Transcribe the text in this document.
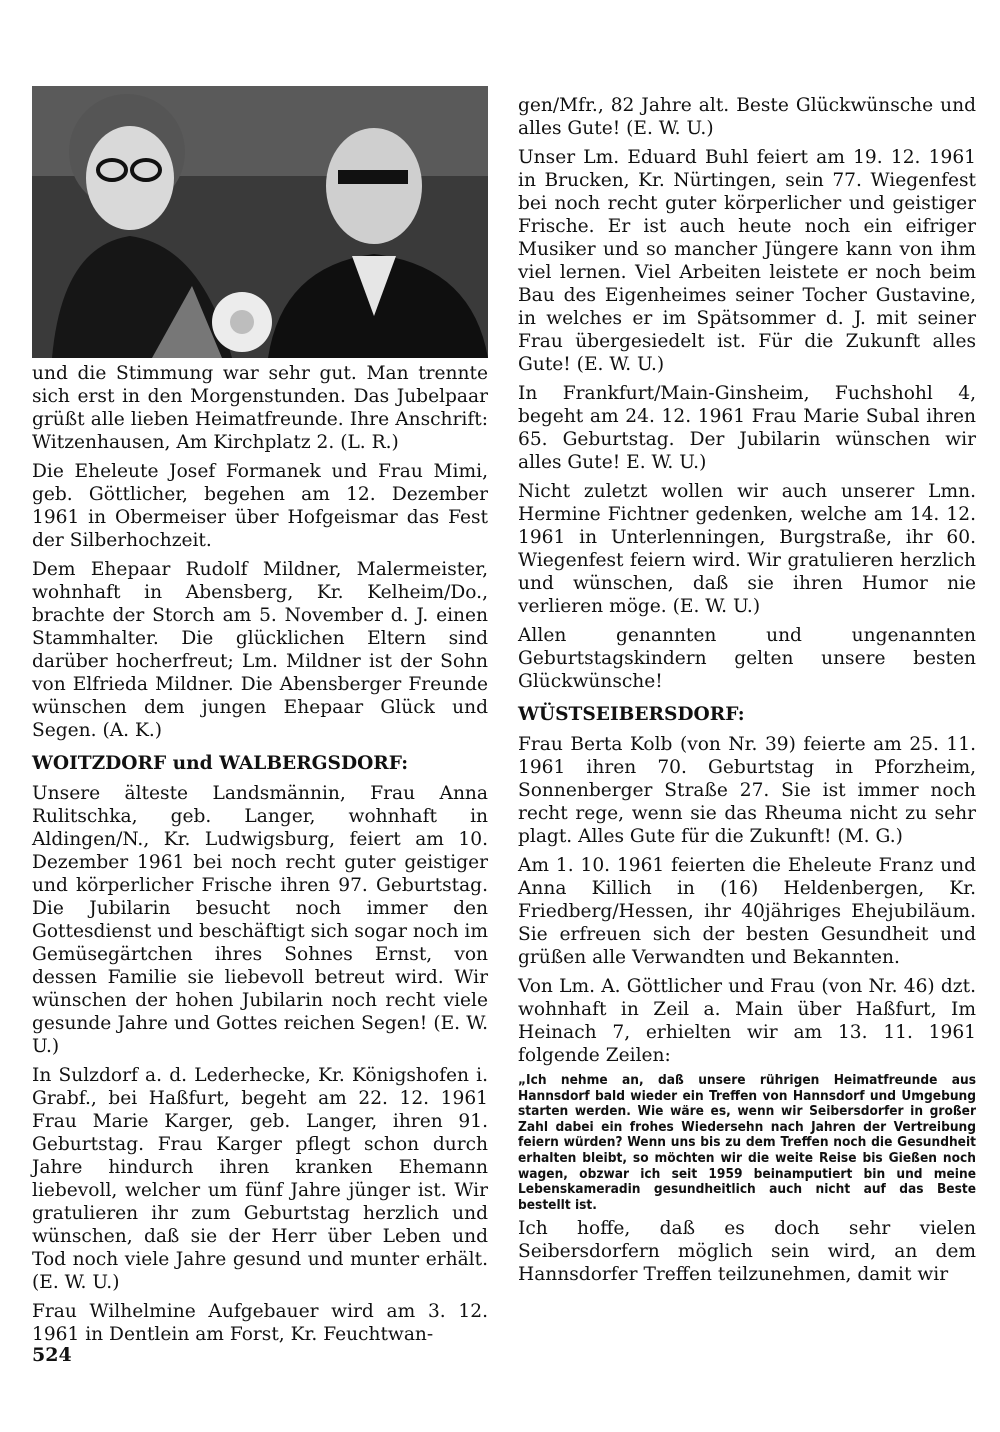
und die Stimmung war sehr gut. Man trennte sich erst in den Morgenstunden. Das Jubelpaar grüßt alle lieben Heimatfreunde. Ihre Anschrift: Witzenhausen, Am Kirchplatz 2. (L. R.)

Die Eheleute Josef Formanek und Frau Mimi, geb. Göttlicher, begehen am 12. Dezember 1961 in Obermeiser über Hofgeismar das Fest der Silberhochzeit.

Dem Ehepaar Rudolf Mildner, Malermeister, wohnhaft in Abensberg, Kr. Kelheim/Do., brachte der Storch am 5. November d. J. einen Stammhalter. Die glücklichen Eltern sind darüber hocherfreut; Lm. Mildner ist der Sohn von Elfrieda Mildner. Die Abensberger Freunde wünschen dem jungen Ehepaar Glück und Segen. (A. K.)

WOITZDORF und WALBERGSDORF:

Unsere älteste Landsmännin, Frau Anna Rulitschka, geb. Langer, wohnhaft in Aldingen/N., Kr. Ludwigsburg, feiert am 10. Dezember 1961 bei noch recht guter geistiger und körperlicher Frische ihren 97. Geburtstag. Die Jubilarin besucht noch immer den Gottesdienst und beschäftigt sich sogar noch im Gemüsegärtchen ihres Sohnes Ernst, von dessen Familie sie liebevoll betreut wird. Wir wünschen der hohen Jubilarin noch recht viele gesunde Jahre und Gottes reichen Segen! (E. W. U.)

In Sulzdorf a. d. Lederhecke, Kr. Königshofen i. Grabf., bei Haßfurt, begeht am 22. 12. 1961 Frau Marie Karger, geb. Langer, ihren 91. Geburtstag. Frau Karger pflegt schon durch Jahre hindurch ihren kranken Ehemann liebevoll, welcher um fünf Jahre jünger ist. Wir gratulieren ihr zum Geburtstag herzlich und wünschen, daß sie der Herr über Leben und Tod noch viele Jahre gesund und munter erhält. (E. W. U.)

Frau Wilhelmine Aufgebauer wird am 3. 12. 1961 in Dentlein am Forst, Kr. Feuchtwan-

gen/Mfr., 82 Jahre alt. Beste Glückwünsche und alles Gute! (E. W. U.)

Unser Lm. Eduard Buhl feiert am 19. 12. 1961 in Brucken, Kr. Nürtingen, sein 77. Wiegenfest bei noch recht guter körperlicher und geistiger Frische. Er ist auch heute noch ein eifriger Musiker und so mancher Jüngere kann von ihm viel lernen. Viel Arbeiten leistete er noch beim Bau des Eigenheimes seiner Tocher Gustavine, in welches er im Spätsommer d. J. mit seiner Frau übergesiedelt ist. Für die Zukunft alles Gute! (E. W. U.)

In Frankfurt/Main-Ginsheim, Fuchshohl 4, begeht am 24. 12. 1961 Frau Marie Subal ihren 65. Geburtstag. Der Jubilarin wünschen wir alles Gute! E. W. U.)

Nicht zuletzt wollen wir auch unserer Lmn. Hermine Fichtner gedenken, welche am 14. 12. 1961 in Unterlenningen, Burgstraße, ihr 60. Wiegenfest feiern wird. Wir gratulieren herzlich und wünschen, daß sie ihren Humor nie verlieren möge. (E. W. U.)

Allen genannten und ungenannten Geburtstagskindern gelten unsere besten Glückwünsche!

WÜSTSEIBERSDORF:

Frau Berta Kolb (von Nr. 39) feierte am 25. 11. 1961 ihren 70. Geburtstag in Pforzheim, Sonnenberger Straße 27. Sie ist immer noch recht rege, wenn sie das Rheuma nicht zu sehr plagt. Alles Gute für die Zukunft! (M. G.)

Am 1. 10. 1961 feierten die Eheleute Franz und Anna Killich in (16) Heldenbergen, Kr. Friedberg/Hessen, ihr 40jähriges Ehejubiläum. Sie erfreuen sich der besten Gesundheit und grüßen alle Verwandten und Bekannten.

Von Lm. A. Göttlicher und Frau (von Nr. 46) dzt. wohnhaft in Zeil a. Main über Haßfurt, Im Heinach 7, erhielten wir am 13. 11. 1961 folgende Zeilen:

„Ich nehme an, daß unsere rührigen Heimatfreunde aus Hannsdorf bald wieder ein Treffen von Hannsdorf und Umgebung starten werden. Wie wäre es, wenn wir Seibersdorfer in großer Zahl dabei ein frohes Wiedersehn nach Jahren der Vertreibung feiern würden? Wenn uns bis zu dem Treffen noch die Gesundheit erhalten bleibt, so möchten wir die weite Reise bis Gießen noch wagen, obzwar ich seit 1959 beinamputiert bin und meine Lebenskameradin gesundheitlich auch nicht auf das Beste bestellt ist.

Ich hoffe, daß es doch sehr vielen Seibersdorfern möglich sein wird, an dem Hannsdorfer Treffen teilzunehmen, damit wir

524
